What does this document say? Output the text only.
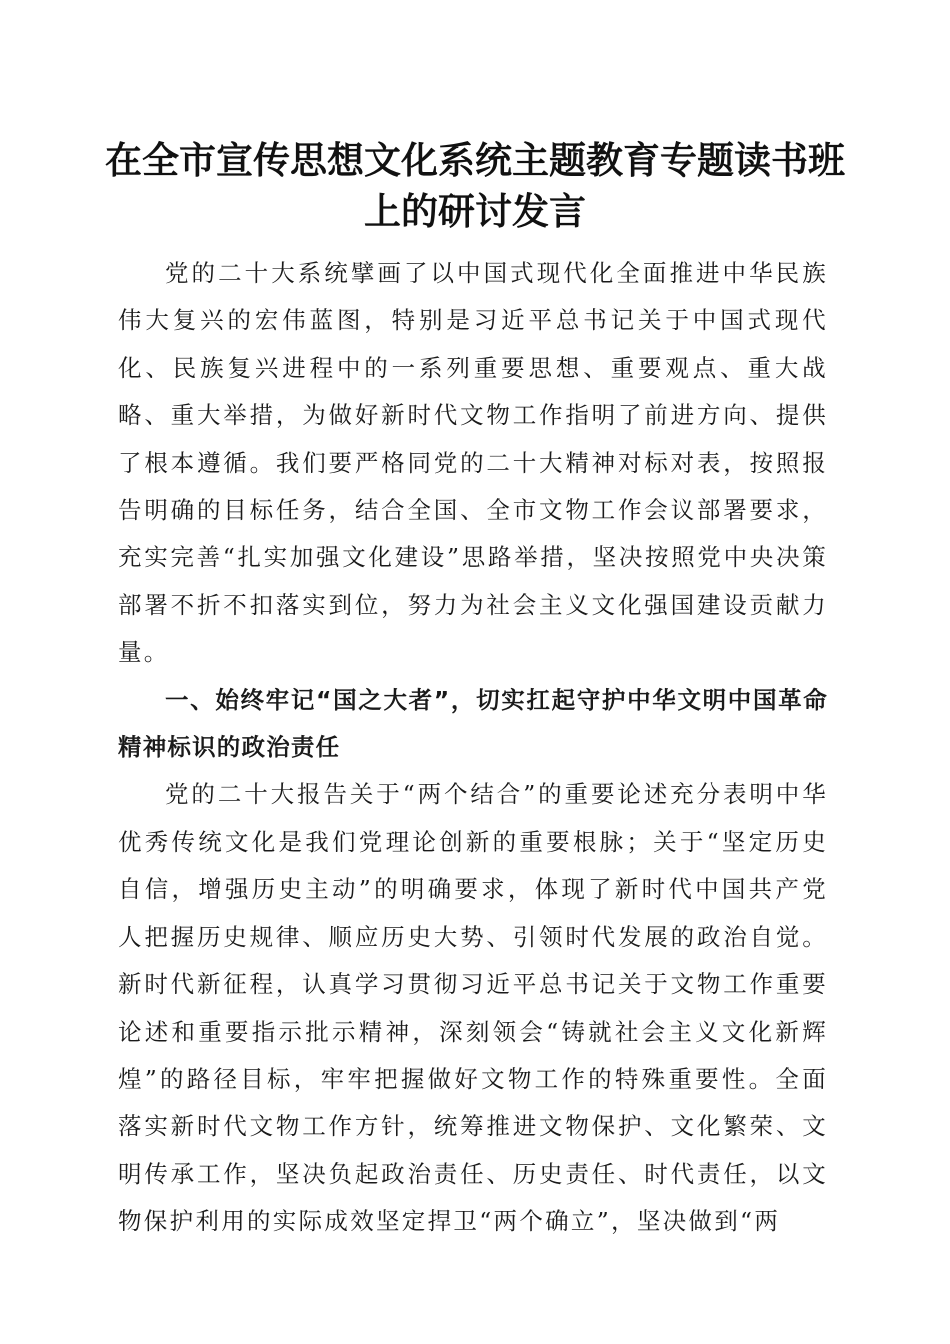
在全市宣传思想文化系统主题教育专题读书班
上的研讨发言

党的二十大系统擘画了以中国式现代化全面推进中华民族伟大复兴的宏伟蓝图，特别是习近平总书记关于中国式现代化、民族复兴进程中的一系列重要思想、重要观点、重大战略、重大举措，为做好新时代文物工作指明了前进方向、提供了根本遵循。我们要严格同党的二十大精神对标对表，按照报告明确的目标任务，结合全国、全市文物工作会议部署要求，充实完善“扎实加强文化建设”思路举措，坚决按照党中央决策部署不折不扣落实到位，努力为社会主义文化强国建设贡献力量。

一、始终牢记“国之大者”，切实扛起守护中华文明中国革命精神标识的政治责任

党的二十大报告关于“两个结合”的重要论述充分表明中华优秀传统文化是我们党理论创新的重要根脉；关于“坚定历史自信，增强历史主动”的明确要求，体现了新时代中国共产党人把握历史规律、顺应历史大势、引领时代发展的政治自觉。新时代新征程，认真学习贯彻习近平总书记关于文物工作重要论述和重要指示批示精神，深刻领会“铸就社会主义文化新辉煌”的路径目标，牢牢把握做好文物工作的特殊重要性。全面落实新时代文物工作方针，统筹推进文物保护、文化繁荣、文明传承工作，坚决负起政治责任、历史责任、时代责任，以文物保护利用的实际成效坚定捍卫“两个确立”，坚决做到“两
